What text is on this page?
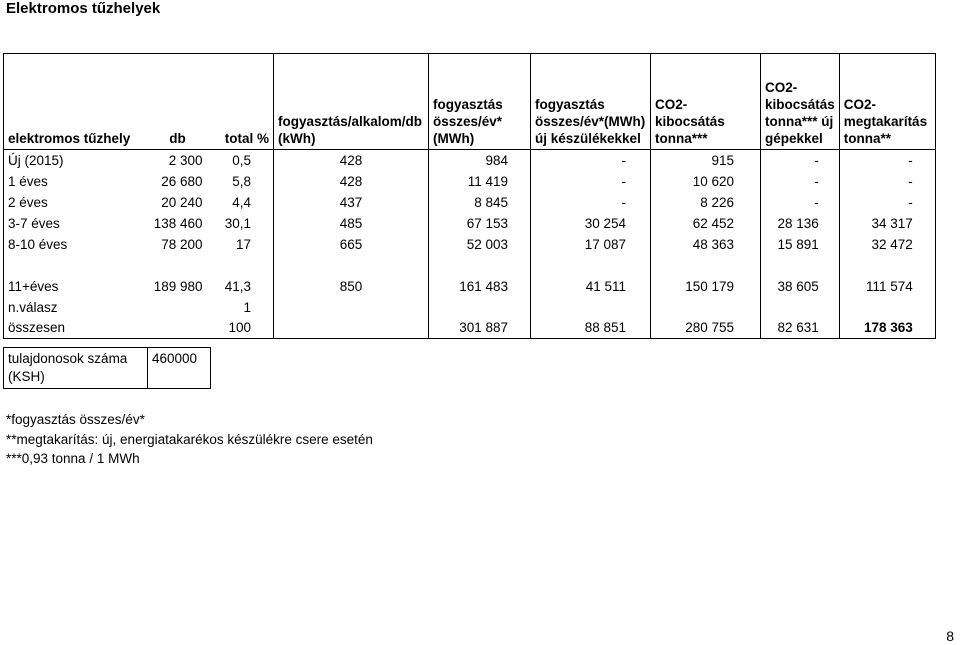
Elektromos tűzhelyek
elektromos tűzhely	db	total %	fogyasztás/alkalom/db (kWh)	fogyasztás összes/év* (MWh)	fogyasztás összes/év*(MWh) új készülékekkel	CO2-kibocsátás tonna***	CO2-kibocsátás tonna*** új gépekkel	CO2-megtakarítás tonna**
Új (2015)	2 300	0,5	428	984	-	915	-	-
1 éves	26 680	5,8	428	11 419	-	10 620	-	-
2 éves	20 240	4,4	437	8 845	-	8 226	-	-
3-7 éves	138 460	30,1	485	67 153	30 254	62 452	28 136	34 317
8-10 éves	78 200	17	665	52 003	17 087	48 363	15 891	32 472
11+éves	189 980	41,3	850	161 483	41 511	150 179	38 605	111 574
n.válasz		1						
összesen		100		301 887	88 851	280 755	82 631	178 363
tulajdonosok száma (KSH)	460000
*fogyasztás összes/év*
**megtakarítás: új, energiatakarékos készülékre csere esetén
***0,93 tonna / 1 MWh
8
